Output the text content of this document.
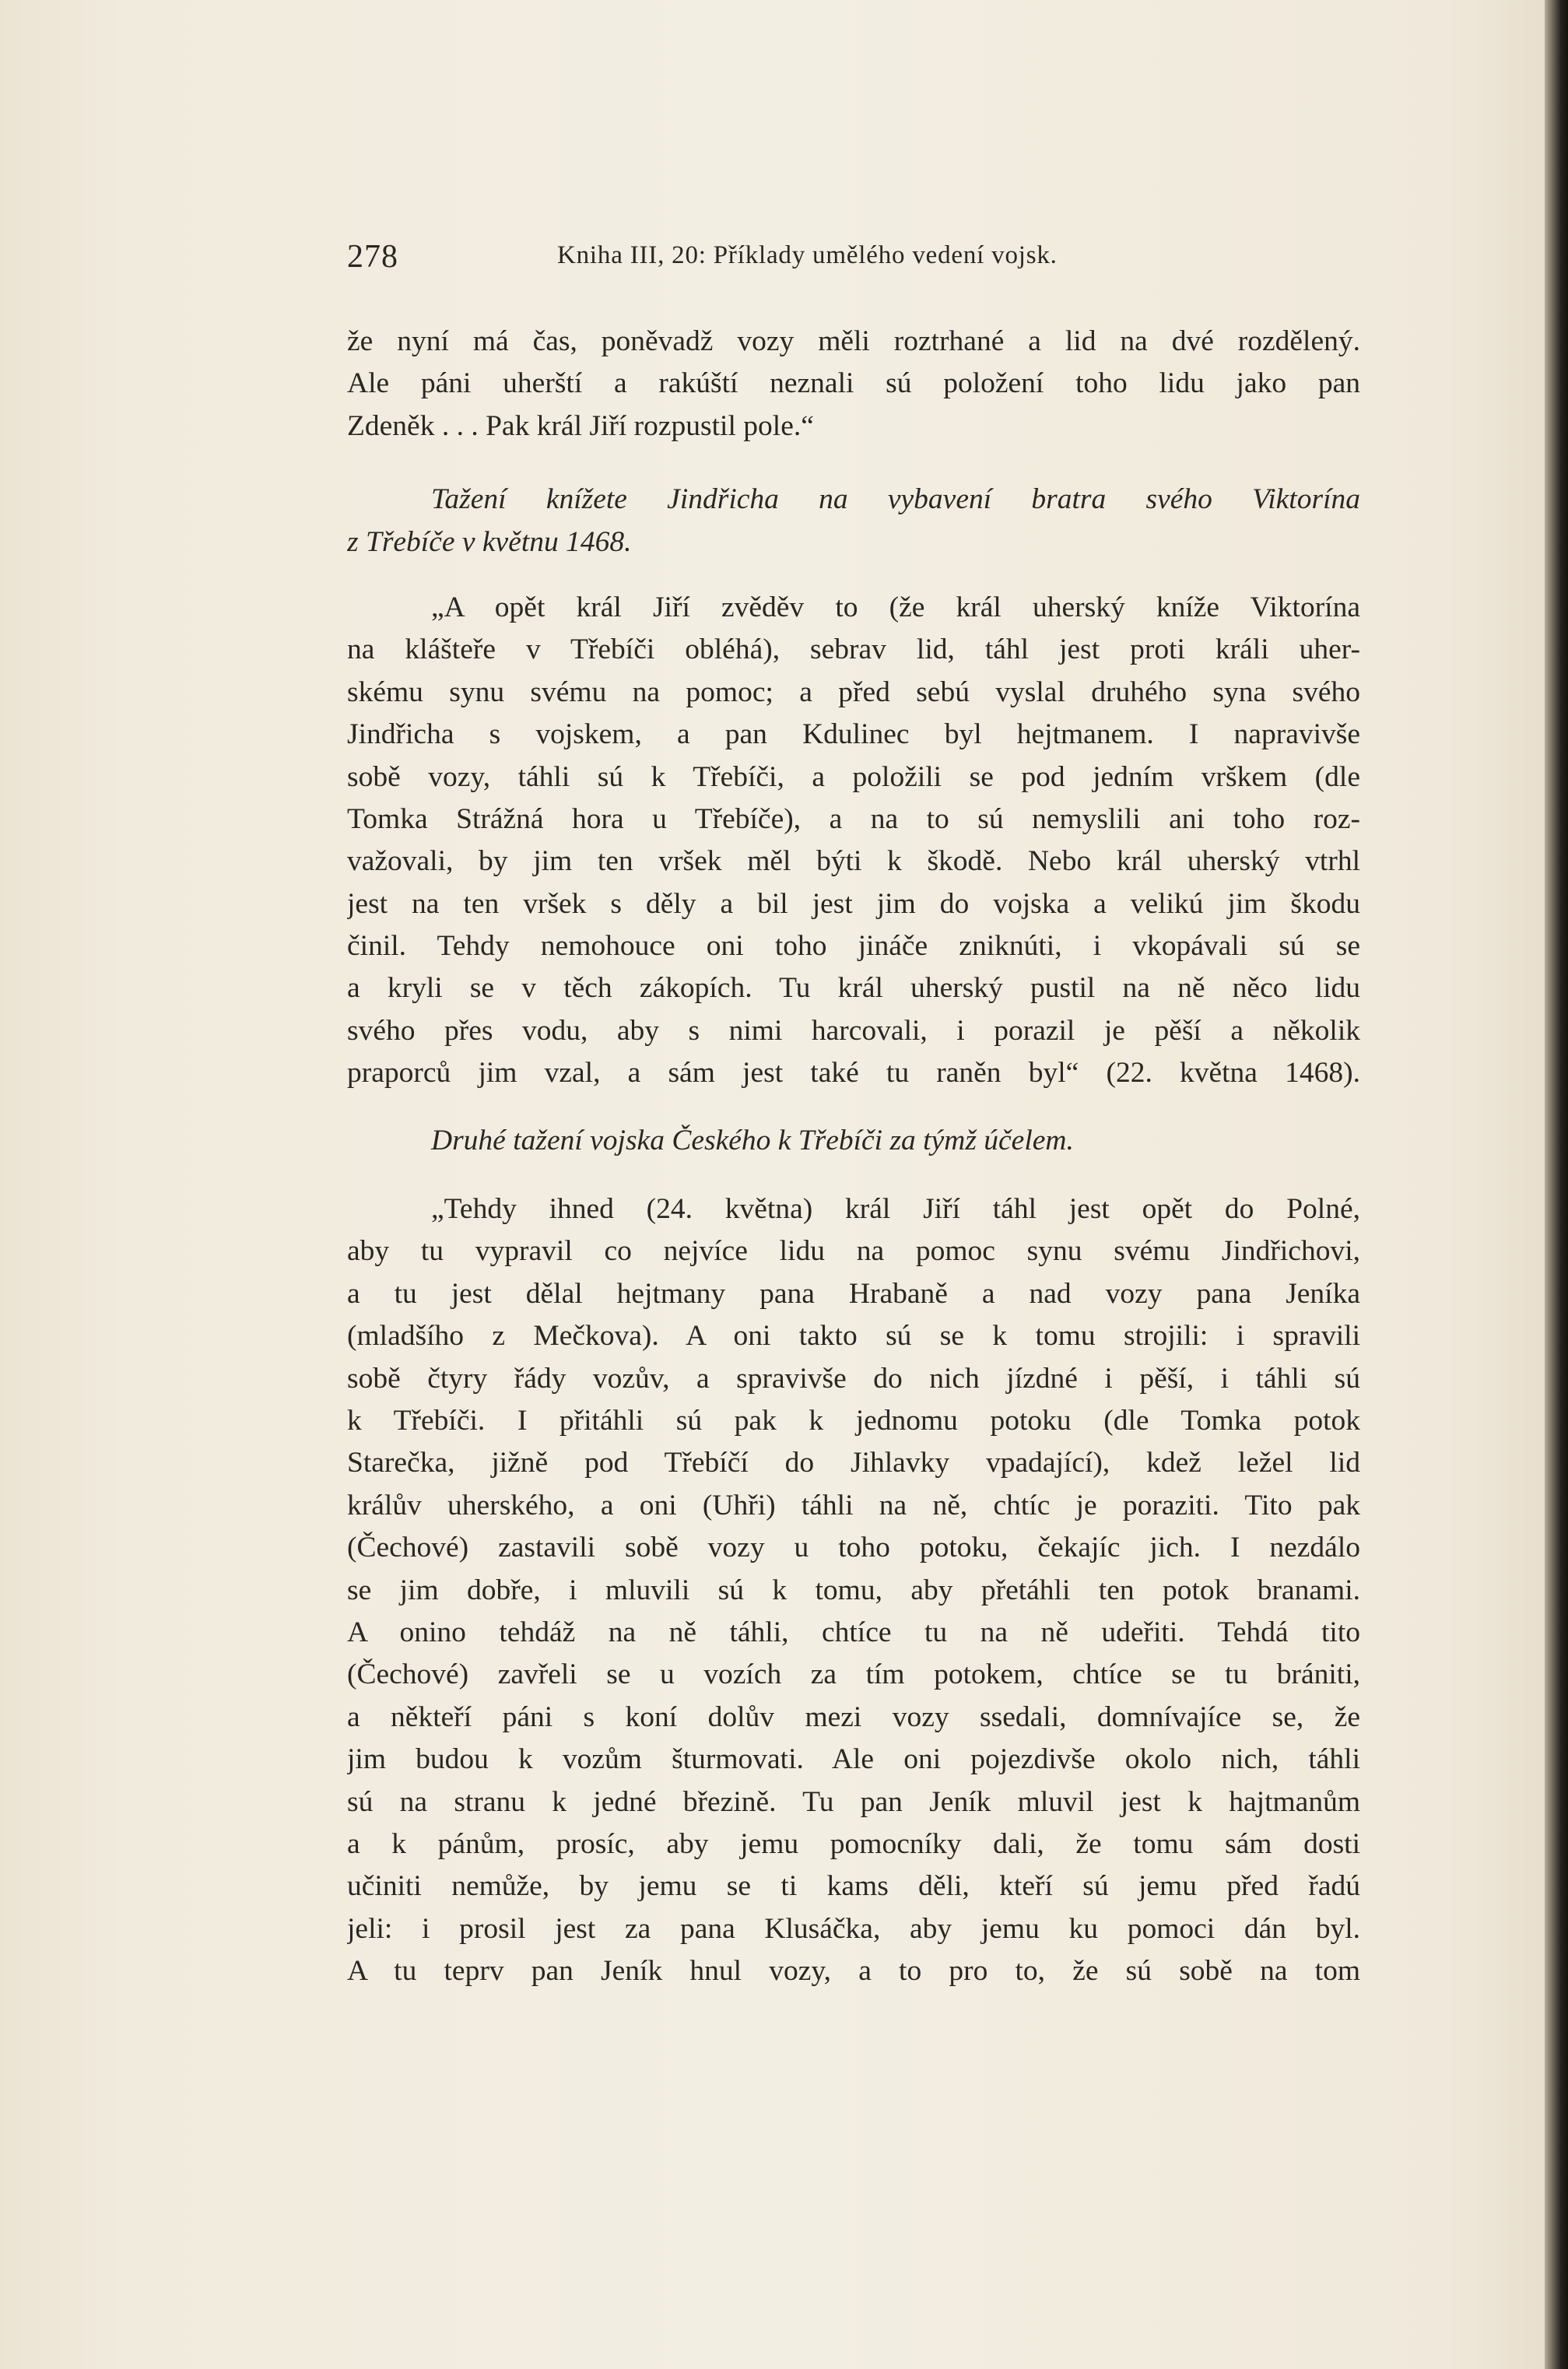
278	Kniha III, 20: Příklady umělého vedení vojsk.
že nyní má čas, poněvadž vozy měli roztrhané a lid na dvé rozdělený.
Ale páni uherští a rakúští neznali sú položení toho lidu jako pan
Zdeněk . . . Pak král Jiří rozpustil pole.“
Tažení knížete Jindřicha na vybavení bratra svého Viktorína
z Třebíče v květnu 1468.
„A opět král Jiří zvěděv to (že král uherský kníže Viktorína
na klášteře v Třebíči obléhá), sebrav lid, táhl jest proti králi uher-
skému synu svému na pomoc; a před sebú vyslal druhého syna svého
Jindřicha s vojskem, a pan Kdulinec byl hejtmanem. I napravivše
sobě vozy, táhli sú k Třebíči, a položili se pod jedním vrškem (dle
Tomka Strážná hora u Třebíče), a na to sú nemyslili ani toho roz-
važovali, by jim ten vršek měl býti k škodě. Nebo král uherský vtrhl
jest na ten vršek s děly a bil jest jim do vojska a velikú jim škodu
činil. Tehdy nemohouce oni toho jináče zniknúti, i vkopávali sú se
a kryli se v těch zákopích. Tu král uherský pustil na ně něco lidu
svého přes vodu, aby s nimi harcovali, i porazil je pěší a několik
praporců jim vzal, a sám jest také tu raněn byl“ (22. května 1468).
Druhé tažení vojska Českého k Třebíči za týmž účelem.
„Tehdy ihned (24. května) král Jiří táhl jest opět do Polné,
aby tu vypravil co nejvíce lidu na pomoc synu svému Jindřichovi,
a tu jest dělal hejtmany pana Hrabaně a nad vozy pana Jeníka
(mladšího z Mečkova). A oni takto sú se k tomu strojili: i spravili
sobě čtyry řády vozův, a spravivše do nich jízdné i pěší, i táhli sú
k Třebíči. I přitáhli sú pak k jednomu potoku (dle Tomka potok
Starečka, jižně pod Třebíčí do Jihlavky vpadající), kdež ležel lid
králův uherského, a oni (Uhři) táhli na ně, chtíc je poraziti. Tito pak
(Čechové) zastavili sobě vozy u toho potoku, čekajíc jich. I nezdálo
se jim dobře, i mluvili sú k tomu, aby přetáhli ten potok branami.
A onino tehdáž na ně táhli, chtíce tu na ně udeřiti. Tehdá tito
(Čechové) zavřeli se u vozích za tím potokem, chtíce se tu brániti,
a někteří páni s koní dolův mezi vozy ssedali, domnívajíce se, že
jim budou k vozům šturmovati. Ale oni pojezdivše okolo nich, táhli
sú na stranu k jedné březině. Tu pan Jeník mluvil jest k hajtmanům
a k pánům, prosíc, aby jemu pomocníky dali, že tomu sám dosti
učiniti nemůže, by jemu se ti kams děli, kteří sú jemu před řadú
jeli: i prosil jest za pana Klusáčka, aby jemu ku pomoci dán byl.
A tu teprv pan Jeník hnul vozy, a to pro to, že sú sobě na tom
